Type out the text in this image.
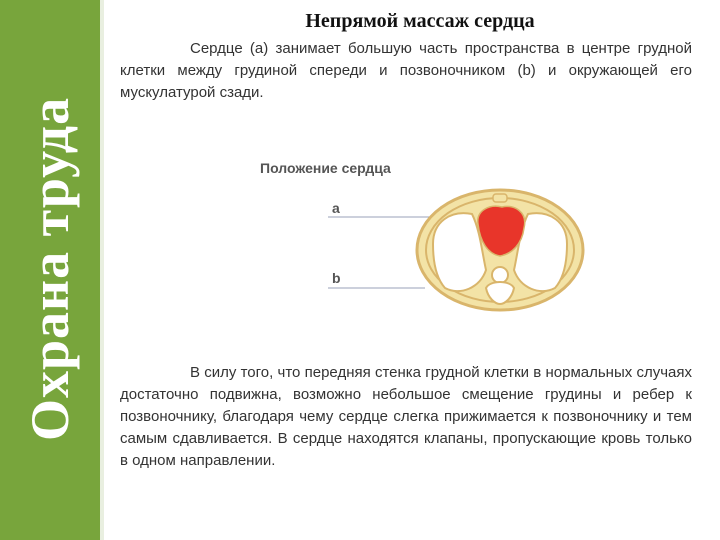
Охрана труда
Непрямой массаж сердца
Сердце (a) занимает большую часть пространства в центре грудной клетки между грудиной спереди и позвоночником (b) и окружающей его мускулатурой сзади.
Положение сердца
a
b
В силу того, что передняя стенка грудной клетки в нормальных случаях достаточно подвижна, возможно небольшое смещение грудины и ребер к позвоночнику, благодаря чему сердце слегка прижимается к позвоночнику и тем самым сдавливается. В сердце находятся клапаны, пропускающие кровь только в одном направлении.
